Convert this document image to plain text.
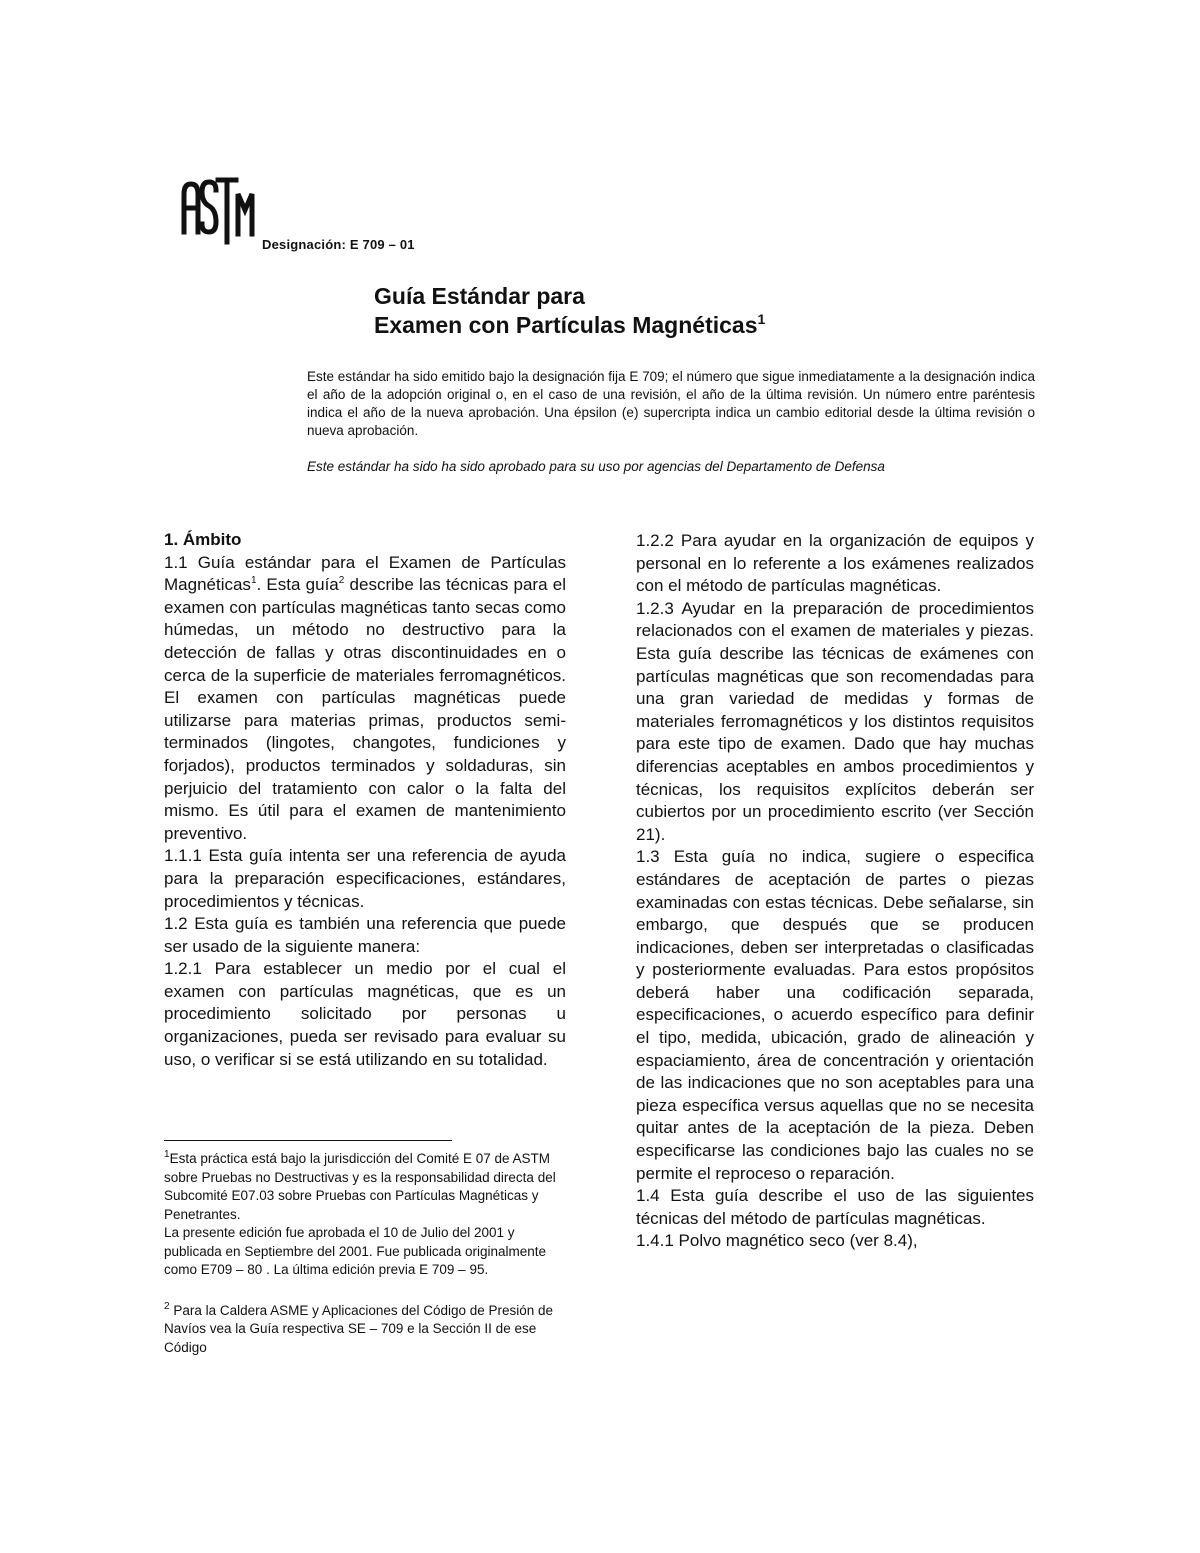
Designación: E 709 – 01
Guía Estándar para
Examen con Partículas Magnéticas$^1$
Este estándar ha sido emitido bajo la designación fija E 709; el número que sigue inmediatamente a la designación indica el año de la adopción original o, en el caso de una revisión, el año de la última revisión. Un número entre paréntesis indica el año de la nueva aprobación. Una épsilon (e) supercripta indica un cambio editorial desde la última revisión o nueva aprobación.
Este estándar ha sido ha sido aprobado para su uso por agencias del Departamento de Defensa
1. Ámbito

1.1 Guía estándar para el Examen de Partículas Magnéticas$^1$. Esta guía$^2$ describe las técnicas para el examen con partículas magnéticas tanto secas como húmedas, un método no destructivo para la detección de fallas y otras discontinuidades en o cerca de la superficie de materiales ferromagnéticos. El examen con partículas magnéticas puede utilizarse para materias primas, productos semi-terminados (lingotes, changotes, fundiciones y forjados), productos terminados y soldaduras, sin perjuicio del tratamiento con calor o la falta del mismo. Es útil para el examen de mantenimiento preventivo.

1.1.1 Esta guía intenta ser una referencia de ayuda para la preparación especificaciones, estándares, procedimientos y técnicas.

1.2 Esta guía es también una referencia que puede ser usado de la siguiente manera:

1.2.1 Para establecer un medio por el cual el examen con partículas magnéticas, que es un procedimiento solicitado por personas u organizaciones, pueda ser revisado para evaluar su uso, o verificar si se está utilizando en su totalidad.

$^1$Esta práctica está bajo la jurisdicción del Comité E 07 de ASTM sobre Pruebas no Destructivas y es la responsabilidad directa del Subcomité E07.03 sobre Pruebas con Partículas Magnéticas y Penetrantes.

La presente edición fue aprobada el 10 de Julio del 2001 y publicada en Septiembre del 2001. Fue publicada originalmente como E709 – 80 . La última edición previa E 709 – 95.

$^2$ Para la Caldera ASME y Aplicaciones del Código de Presión de Navíos vea la Guía respectiva SE – 709 e la Sección II de ese Código

1.2.2 Para ayudar en la organización de equipos y personal en lo referente a los exámenes realizados con el método de partículas magnéticas.

1.2.3 Ayudar en la preparación de procedimientos relacionados con el examen de materiales y piezas. Esta guía describe las técnicas de exámenes con partículas magnéticas que son recomendadas para una gran variedad de medidas y formas de materiales ferromagnéticos y los distintos requisitos para este tipo de examen. Dado que hay muchas diferencias aceptables en ambos procedimientos y técnicas, los requisitos explícitos deberán ser cubiertos por un procedimiento escrito (ver Sección 21).

1.3 Esta guía no indica, sugiere o especifica estándares de aceptación de partes o piezas examinadas con estas técnicas. Debe señalarse, sin embargo, que después que se producen indicaciones, deben ser interpretadas o clasificadas y posteriormente evaluadas. Para estos propósitos deberá haber una codificación separada, especificaciones, o acuerdo específico para definir el tipo, medida, ubicación, grado de alineación y espaciamiento, área de concentración y orientación de las indicaciones que no son aceptables para una pieza específica versus aquellas que no se necesita quitar antes de la aceptación de la pieza. Deben especificarse las condiciones bajo las cuales no se permite el reproceso o reparación.

1.4 Esta guía describe el uso de las siguientes técnicas del método de partículas magnéticas.

1.4.1 Polvo magnético seco (ver 8.4),
